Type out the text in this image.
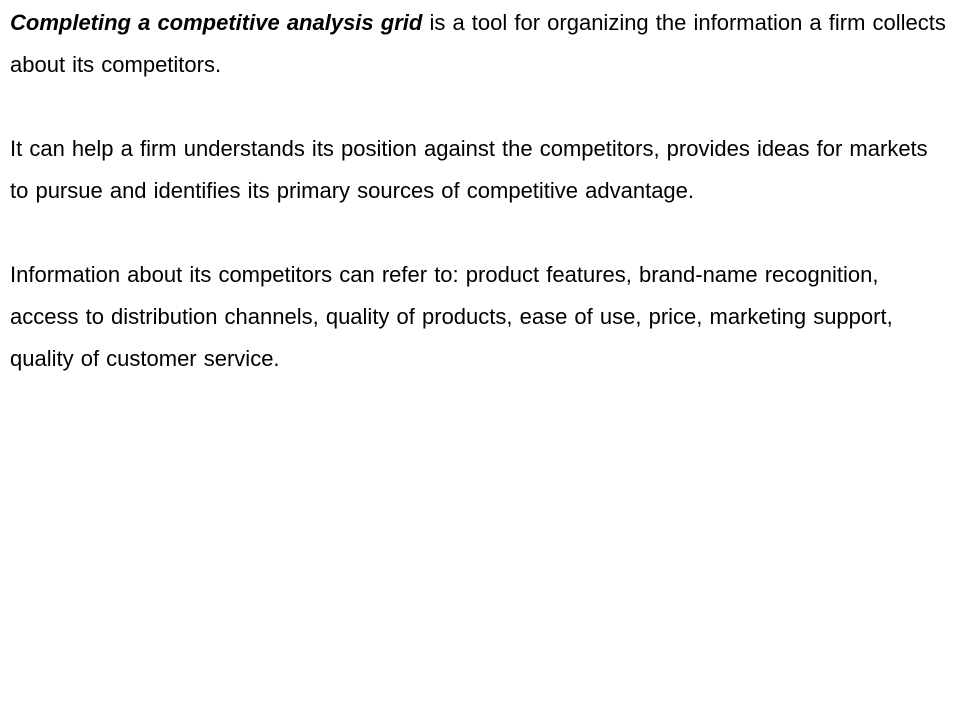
Completing a competitive analysis grid is a tool for organizing the information a firm collects about its competitors.

It can help a firm understands its position against the competitors, provides ideas for markets to pursue and identifies its primary sources of competitive advantage.

Information about its competitors can refer to: product features, brand-name recognition, access to distribution channels, quality of products, ease of use, price, marketing support, quality of customer service.
